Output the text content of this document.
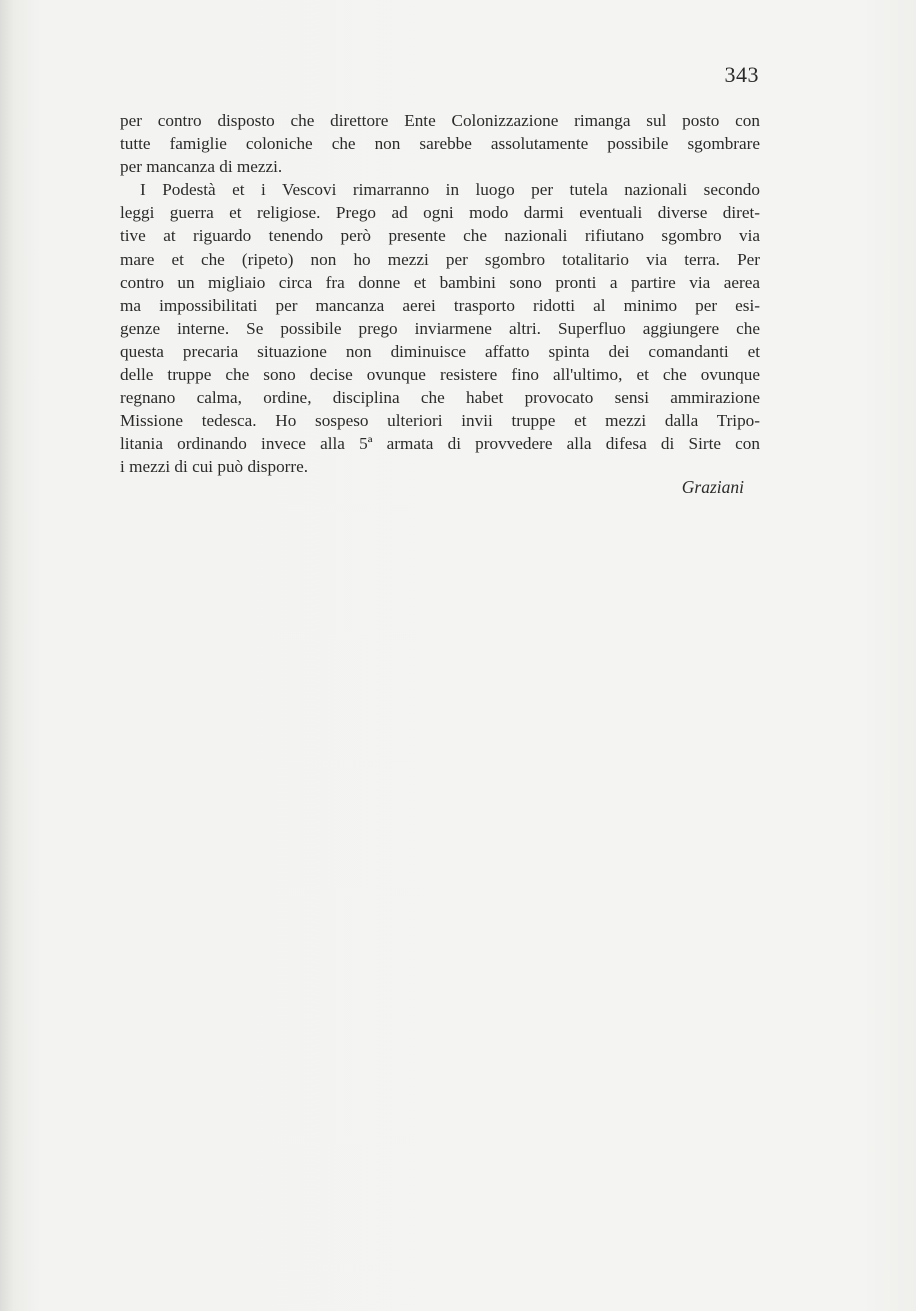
343
per contro disposto che direttore Ente Colonizzazione rimanga sul posto con
tutte famiglie coloniche che non sarebbe assolutamente possibile sgombrare
per mancanza di mezzi.
I Podestà et i Vescovi rimarranno in luogo per tutela nazionali secondo
leggi guerra et religiose. Prego ad ogni modo darmi eventuali diverse diret-
tive at riguardo tenendo però presente che nazionali rifiutano sgombro via
mare et che (ripeto) non ho mezzi per sgombro totalitario via terra. Per
contro un migliaio circa fra donne et bambini sono pronti a partire via aerea
ma impossibilitati per mancanza aerei trasporto ridotti al minimo per esi-
genze interne. Se possibile prego inviarmene altri. Superfluo aggiungere che
questa precaria situazione non diminuisce affatto spinta dei comandanti et
delle truppe che sono decise ovunque resistere fino all'ultimo, et che ovunque
regnano calma, ordine, disciplina che habet provocato sensi ammirazione
Missione tedesca. Ho sospeso ulteriori invii truppe et mezzi dalla Tripo-
litania ordinando invece alla 5ª armata di provvedere alla difesa di Sirte con
i mezzi di cui può disporre.
Graziani
